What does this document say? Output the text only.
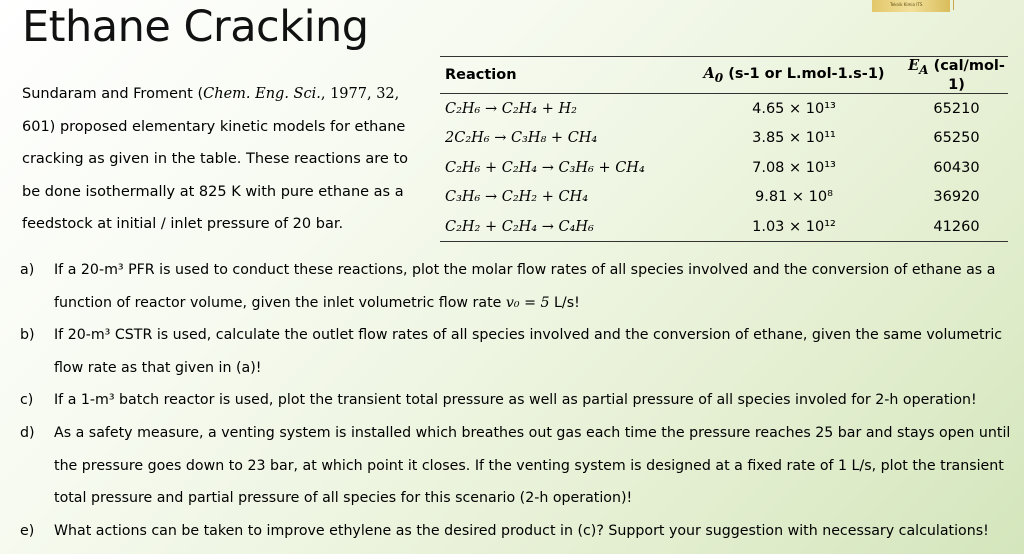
Ethane Cracking	Teknik Kimia ITS
Sundaram and Froment (Chem. Eng. Sci., 1977, 32,
601) proposed elementary kinetic models for ethane
cracking as given in the table. These reactions are to
be done isothermally at 825 K with pure ethane as a
feedstock at initial / inlet pressure of 20 bar.
Reaction	$A_0$ (s-1 or L.mol-1.s-1)	$E_A$ (cal/mol-1)
C₂H₆ → C₂H₄ + H₂	4.65 × 10¹³	65210
2C₂H₆ → C₃H₈ + CH₄	3.85 × 10¹¹	65250
C₂H₆ + C₂H₄ → C₃H₆ + CH₄	7.08 × 10¹³	60430
C₃H₆ → C₂H₂ + CH₄	9.81 × 10⁸	36920
C₂H₂ + C₂H₄ → C₄H₆	1.03 × 10¹²	41260
a) If a 20-m³ PFR is used to conduct these reactions, plot the molar flow rates of all species involved and the conversion of ethane as a function of reactor volume, given the inlet volumetric flow rate v₀ = 5 L/s!
b) If 20-m³ CSTR is used, calculate the outlet flow rates of all species involved and the conversion of ethane, given the same volumetric flow rate as that given in (a)!
c) If a 1-m³ batch reactor is used, plot the transient total pressure as well as partial pressure of all species involed for 2-h operation!
d) As a safety measure, a venting system is installed which breathes out gas each time the pressure reaches 25 bar and stays open until the pressure goes down to 23 bar, at which point it closes. If the venting system is designed at a fixed rate of 1 L/s, plot the transient total pressure and partial pressure of all species for this scenario (2-h operation)!
e) What actions can be taken to improve ethylene as the desired product in (c)? Support your suggestion with necessary calculations!
